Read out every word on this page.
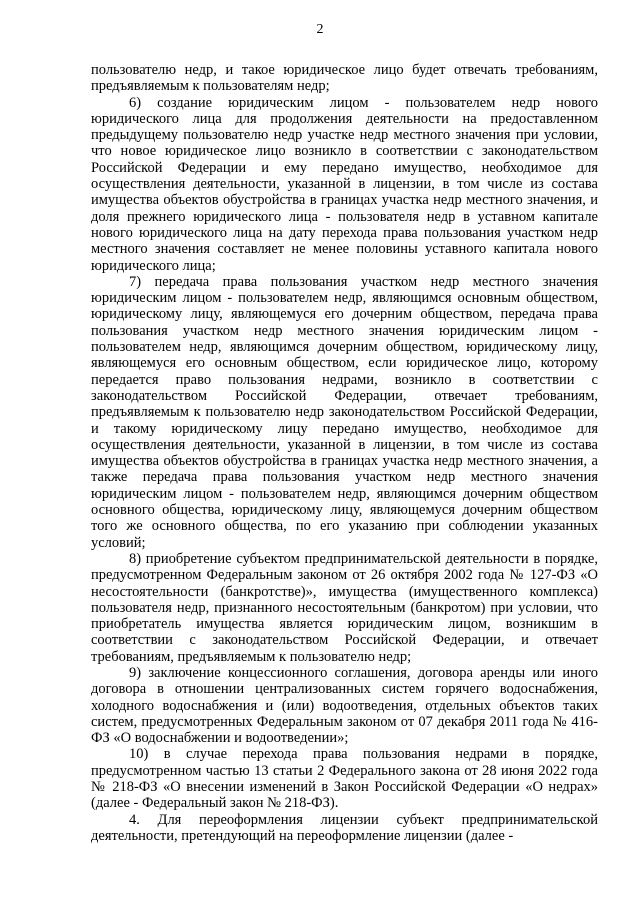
2

пользователю недр, и такое юридическое лицо будет отвечать требованиям, предъявляемым к пользователям недр;

6) создание юридическим лицом - пользователем недр нового юридического лица для продолжения деятельности на предоставленном предыдущему пользователю недр участке недр местного значения при условии, что новое юридическое лицо возникло в соответствии с законодательством Российской Федерации и ему передано имущество, необходимое для осуществления деятельности, указанной в лицензии, в том числе из состава имущества объектов обустройства в границах участка недр местного значения, и доля прежнего юридического лица - пользователя недр в уставном капитале нового юридического лица на дату перехода права пользования участком недр местного значения составляет не менее половины уставного капитала нового юридического лица;

7) передача права пользования участком недр местного значения юридическим лицом - пользователем недр, являющимся основным обществом, юридическому лицу, являющемуся его дочерним обществом, передача права пользования участком недр местного значения юридическим лицом - пользователем недр, являющимся дочерним обществом, юридическому лицу, являющемуся его основным обществом, если юридическое лицо, которому передается право пользования недрами, возникло в соответствии с законодательством Российской Федерации, отвечает требованиям, предъявляемым к пользователю недр законодательством Российской Федерации, и такому юридическому лицу передано имущество, необходимое для осуществления деятельности, указанной в лицензии, в том числе из состава имущества объектов обустройства в границах участка недр местного значения, а также передача права пользования участком недр местного значения юридическим лицом - пользователем недр, являющимся дочерним обществом основного общества, юридическому лицу, являющемуся дочерним обществом того же основного общества, по его указанию при соблюдении указанных условий;

8) приобретение субъектом предпринимательской деятельности в порядке, предусмотренном Федеральным законом от 26 октября 2002 года № 127-ФЗ «О несостоятельности (банкротстве)», имущества (имущественного комплекса) пользователя недр, признанного несостоятельным (банкротом) при условии, что приобретатель имущества является юридическим лицом, возникшим в соответствии с законодательством Российской Федерации, и отвечает требованиям, предъявляемым к пользователю недр;

9) заключение концессионного соглашения, договора аренды или иного договора в отношении централизованных систем горячего водоснабжения, холодного водоснабжения и (или) водоотведения, отдельных объектов таких систем, предусмотренных Федеральным законом от 07 декабря 2011 года № 416-ФЗ «О водоснабжении и водоотведении»;

10) в случае перехода права пользования недрами в порядке, предусмотренном частью 13 статьи 2 Федерального закона от 28 июня 2022 года № 218-ФЗ «О внесении изменений в Закон Российской Федерации «О недрах» (далее - Федеральный закон № 218-ФЗ).

4. Для переоформления лицензии субъект предпринимательской деятельности, претендующий на переоформление лицензии (далее -
